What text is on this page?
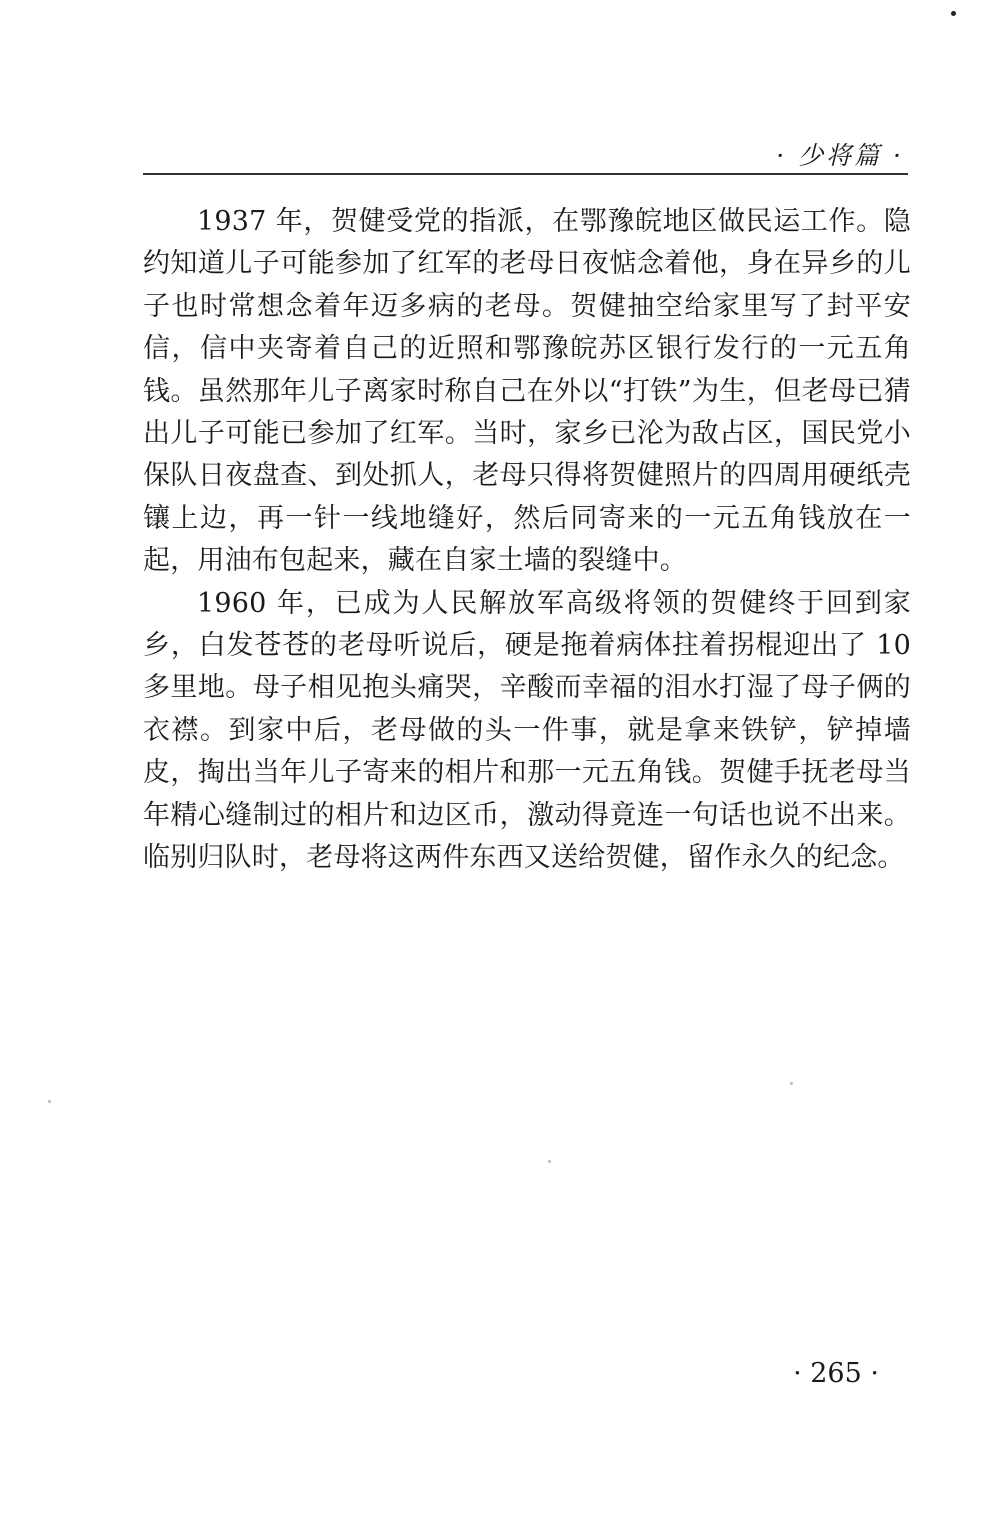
· 少将篇 ·

1937 年，贺健受党的指派，在鄂豫皖地区做民运工作。隐约知道儿子可能参加了红军的老母日夜惦念着他，身在异乡的儿子也时常想念着年迈多病的老母。贺健抽空给家里写了封平安信，信中夹寄着自己的近照和鄂豫皖苏区银行发行的一元五角钱。虽然那年儿子离家时称自己在外以“打铁”为生，但老母已猜出儿子可能已参加了红军。当时，家乡已沦为敌占区，国民党小保队日夜盘查、到处抓人，老母只得将贺健照片的四周用硬纸壳镶上边，再一针一线地缝好，然后同寄来的一元五角钱放在一起，用油布包起来，藏在自家土墙的裂缝中。

1960 年，已成为人民解放军高级将领的贺健终于回到家乡，白发苍苍的老母听说后，硬是拖着病体拄着拐棍迎出了 10 多里地。母子相见抱头痛哭，辛酸而幸福的泪水打湿了母子俩的衣襟。到家中后，老母做的头一件事，就是拿来铁铲，铲掉墙皮，掏出当年儿子寄来的相片和那一元五角钱。贺健手抚老母当年精心缝制过的相片和边区币，激动得竟连一句话也说不出来。临别归队时，老母将这两件东西又送给贺健，留作永久的纪念。

· 265 ·
